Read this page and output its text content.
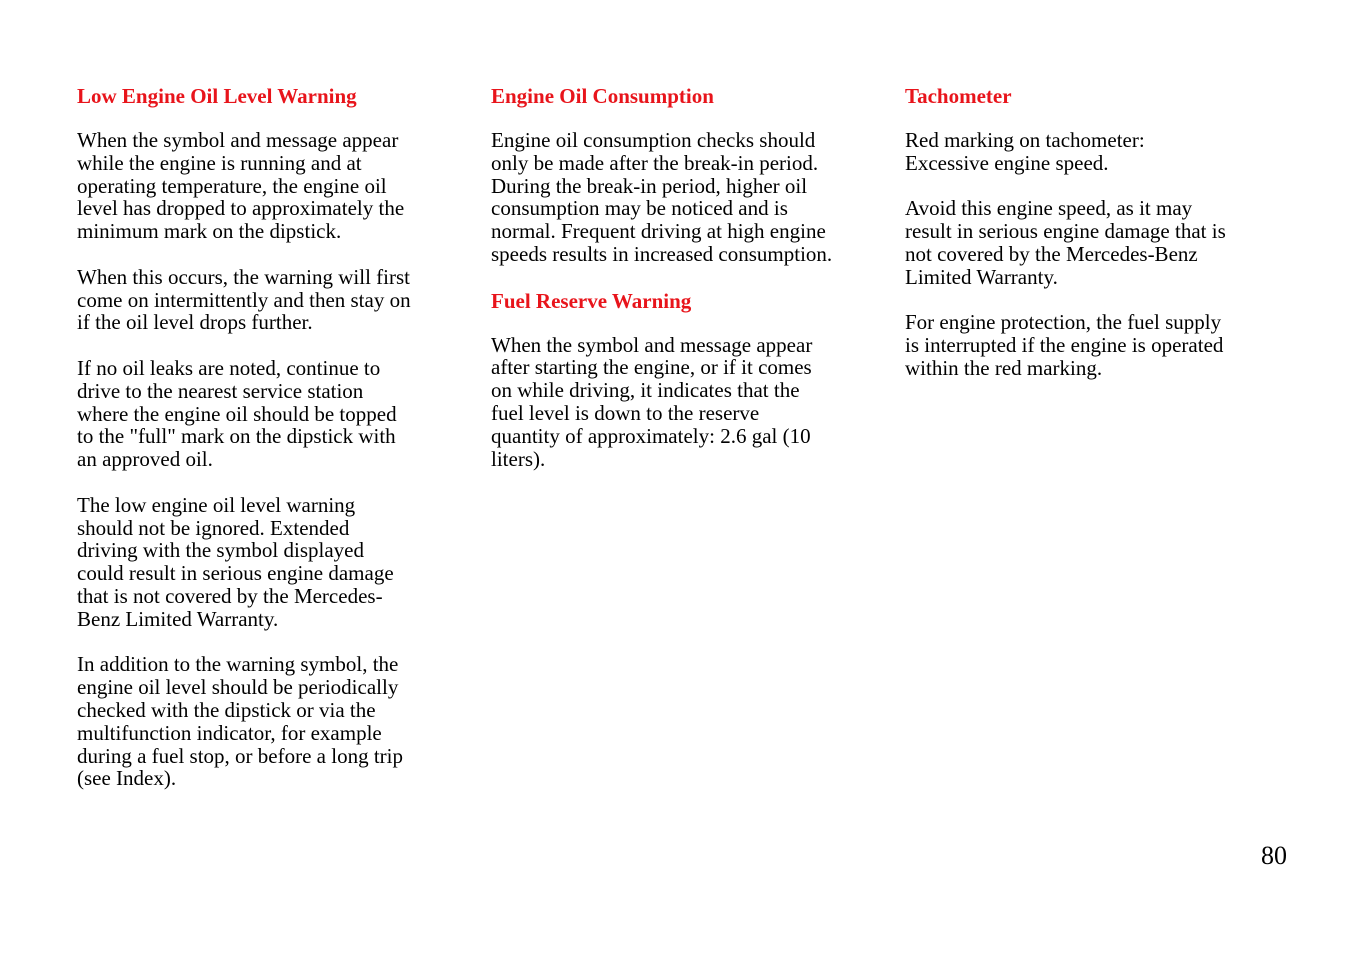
Low Engine Oil Level Warning
When the symbol and message appear
while the engine is running and at
operating temperature, the engine oil
level has dropped to approximately the
minimum mark on the dipstick.
When this occurs, the warning will first
come on intermittently and then stay on
if the oil level drops further.
If no oil leaks are noted, continue to
drive to the nearest service station
where the engine oil should be topped
to the "full" mark on the dipstick with
an approved oil.
The low engine oil level warning
should not be ignored. Extended
driving with the symbol displayed
could result in serious engine damage
that is not covered by the Mercedes-
Benz Limited Warranty.
In addition to the warning symbol, the
engine oil level should be periodically
checked with the dipstick or via the
multifunction indicator, for example
during a fuel stop, or before a long trip
(see Index).
Engine Oil Consumption
Engine oil consumption checks should
only be made after the break-in period.
During the break-in period, higher oil
consumption may be noticed and is
normal. Frequent driving at high engine
speeds results in increased consumption.
Fuel Reserve Warning
When the symbol and message appear
after starting the engine, or if it comes
on while driving, it indicates that the
fuel level is down to the reserve
quantity of approximately: 2.6 gal (10
liters).
Tachometer
Red marking on tachometer:
Excessive engine speed.
Avoid this engine speed, as it may
result in serious engine damage that is
not covered by the Mercedes-Benz
Limited Warranty.
For engine protection, the fuel supply
is interrupted if the engine is operated
within the red marking.
80
